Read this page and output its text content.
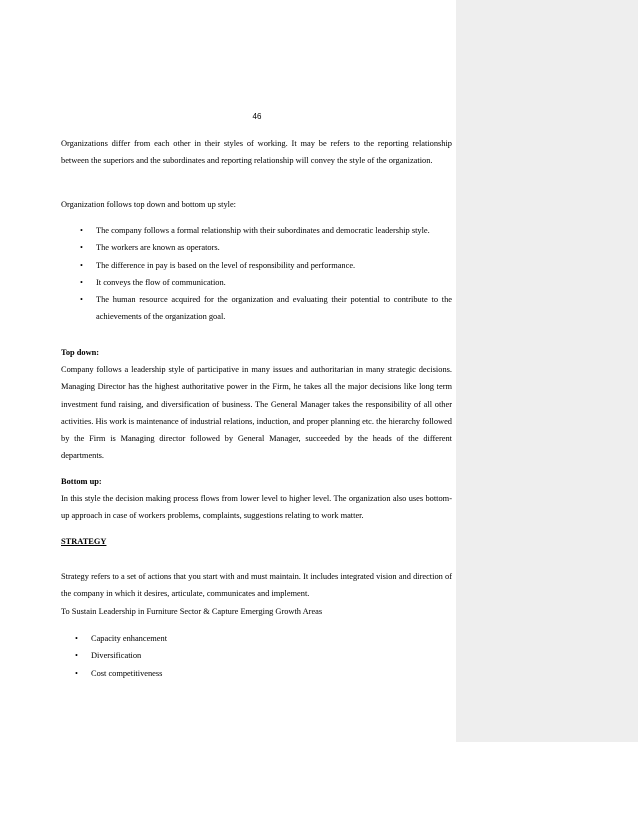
46

Organizations differ from each other in their styles of working. It may be refers to the reporting relationship between the superiors and the subordinates and reporting relationship will convey the style of the organization.

Organization follows top down and bottom up style:

• The company follows a formal relationship with their subordinates and democratic leadership style.
• The workers are known as operators.
• The difference in pay is based on the level of responsibility and performance.
• It conveys the flow of communication.
• The human resource acquired for the organization and evaluating their potential to contribute to the achievements of the organization goal.

Top down:

Company follows a leadership style of participative in many issues and authoritarian in many strategic decisions. Managing Director has the highest authoritative power in the Firm, he takes all the major decisions like long term investment fund raising, and diversification of business. The General Manager takes the responsibility of all other activities. His work is maintenance of industrial relations, induction, and proper planning etc. the hierarchy followed by the Firm is Managing director followed by General Manager, succeeded by the heads of the different departments.

Bottom up:

In this style the decision making process flows from lower level to higher level. The organization also uses bottom-up approach in case of workers problems, complaints, suggestions relating to work matter.

STRATEGY

Strategy refers to a set of actions that you start with and must maintain. It includes integrated vision and direction of the company in which it desires, articulate, communicates and implement.

To Sustain Leadership in Furniture Sector & Capture Emerging Growth Areas

• Capacity enhancement
• Diversification
• Cost competitiveness
